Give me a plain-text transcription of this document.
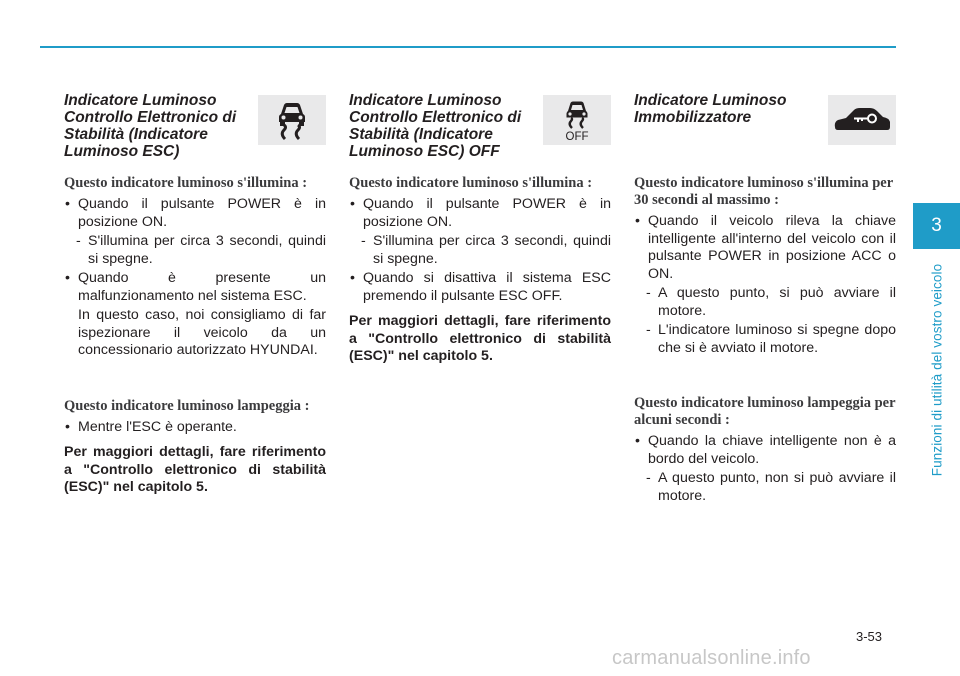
Indicatore Luminoso Controllo Elettronico di Stabilità (Indicatore Luminoso ESC)
Questo indicatore luminoso s'illumina :
• Quando il pulsante POWER è in posizione ON.
- S'illumina per circa 3 secondi, quindi si spegne.
• Quando è presente un malfunzionamento nel sistema ESC.
In questo caso, noi consigliamo di far ispezionare il veicolo da un concessionario autorizzato HYUNDAI.
Questo indicatore luminoso lampeggia :
• Mentre l'ESC è operante.
Per maggiori dettagli, fare riferimento a "Controllo elettronico di stabilità (ESC)" nel capitolo 5.
Indicatore Luminoso Controllo Elettronico di Stabilità (Indicatore Luminoso ESC) OFF
OFF
Questo indicatore luminoso s'illumina :
• Quando il pulsante POWER è in posizione ON.
- S'illumina per circa 3 secondi, quindi si spegne.
• Quando si disattiva il sistema ESC premendo il pulsante ESC OFF.
Per maggiori dettagli, fare riferimento a "Controllo elettronico di stabilità (ESC)" nel capitolo 5.
Indicatore Luminoso Immobilizzatore
Questo indicatore luminoso s'illumina per 30 secondi al massimo :
• Quando il veicolo rileva la chiave intelligente all'interno del veicolo con il pulsante POWER in posizione ACC o ON.
- A questo punto, si può avviare il motore.
- L'indicatore luminoso si spegne dopo che si è avviato il motore.
Questo indicatore luminoso lampeggia per alcuni secondi :
• Quando la chiave intelligente non è a bordo del veicolo.
- A questo punto, non si può avviare il motore.
3
Funzioni di utilità del vostro veicolo
3-53
carmanualsonline.info
